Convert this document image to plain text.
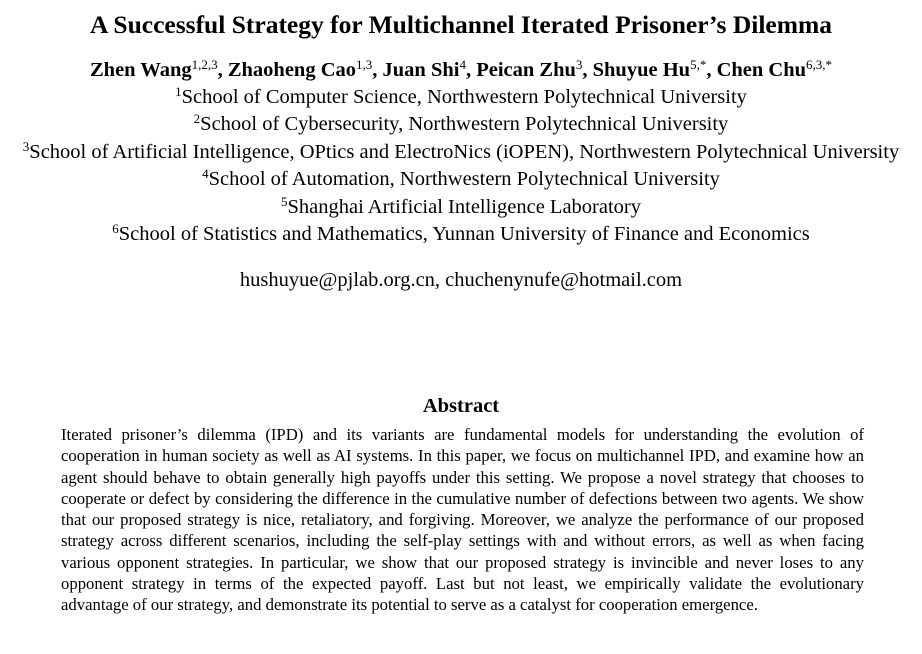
A Successful Strategy for Multichannel Iterated Prisoner’s Dilemma
Zhen Wang$^{1,2,3}$, Zhaoheng Cao$^{1,3}$, Juan Shi$^4$, Peican Zhu$^3$, Shuyue $Hu^{5,*}$, Chen Chu$^{6,3,*}$
$^1$School of Computer Science, Northwestern Polytechnical University
$^2$School of Cybersecurity, Northwestern Polytechnical University
$^3$School of Artificial Intelligence, OPtics and ElectroNics (iOPEN), Northwestern Polytechnical University
$^4$School of Automation, Northwestern Polytechnical University
$^5$Shanghai Artificial Intelligence Laboratory
$^6$School of Statistics and Mathematics, Yunnan University of Finance and Economics
hushuyue@pjlab.org.cn, chuchenynufe@hotmail.com
Abstract
Iterated prisoner’s dilemma (IPD) and its variants are fundamental models for understanding the evolution of cooperation in human society as well as AI systems. In this paper, we focus on multichannel IPD, and examine how an agent should behave to obtain generally high payoffs under this setting. We propose a novel strategy that chooses to cooperate or defect by considering the difference in the cumulative number of defections between two agents. We show that our proposed strategy is nice, retaliatory, and forgiving. Moreover, we analyze the performance of our proposed strategy across different scenarios, including the self-play settings with and without errors, as well as when facing various opponent strategies. In particular, we show that our proposed strategy is invincible and never loses to any opponent strategy in terms of the expected payoff. Last but not least, we empirically validate the evolutionary advantage of our strategy, and demonstrate its potential to serve as a catalyst for cooperation emergence.
